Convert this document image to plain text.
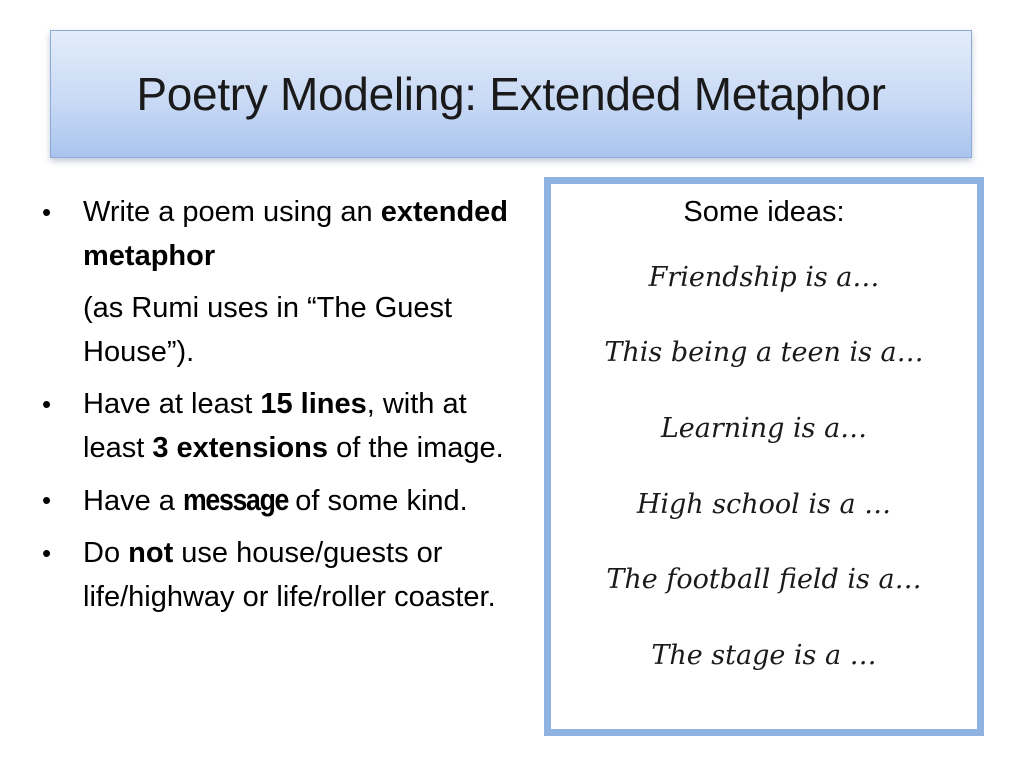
Poetry Modeling: Extended Metaphor
•	Write a poem using an extended metaphor
(as Rumi uses in “The Guest House”).
•	Have at least 15 lines, with at least 3 extensions of the image.
•	Have a message of some kind.
•	Do not use house/guests or life/highway or life/roller coaster.
Some ideas:
Friendship is a…
This being a teen is a…
Learning is a…
High school is a …
The football field is a…
The stage is a …
